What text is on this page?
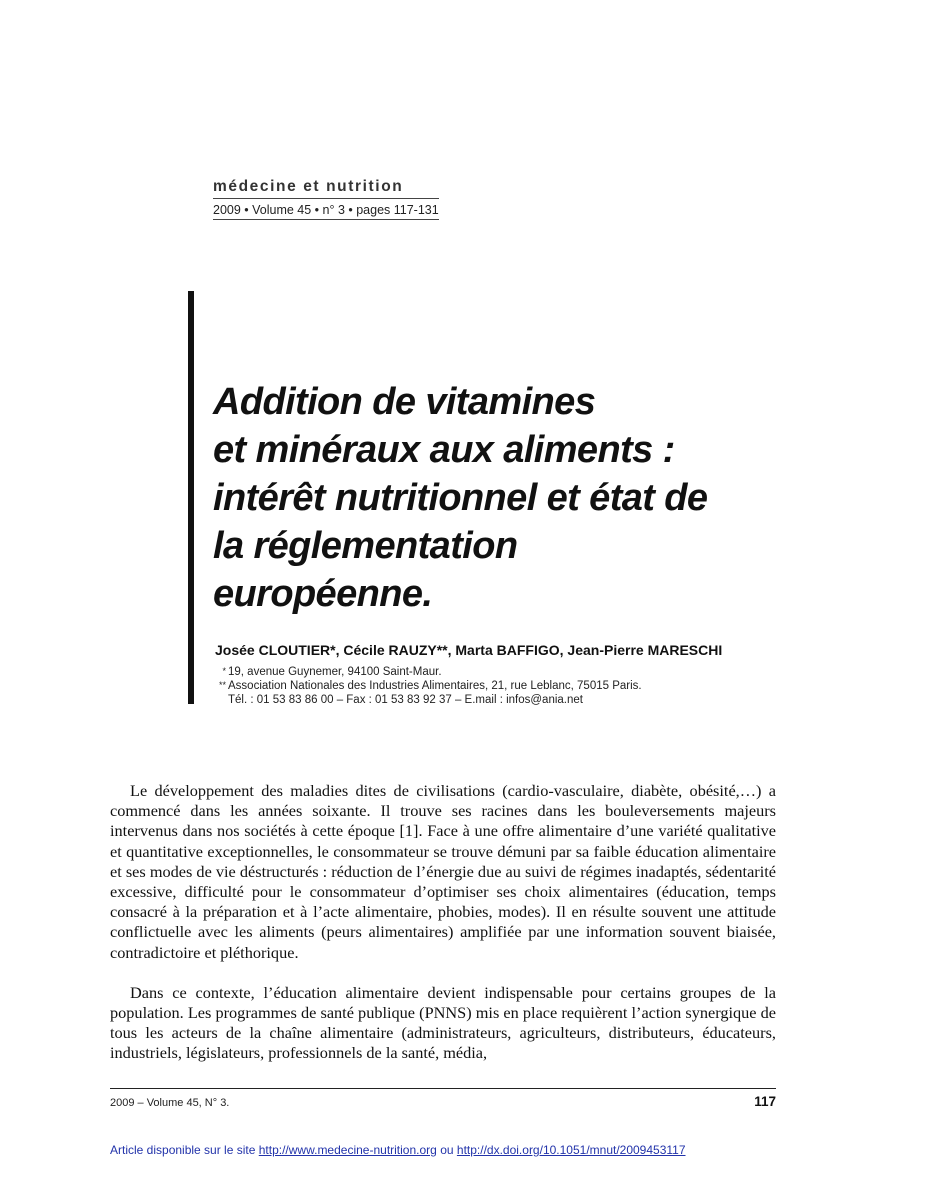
médecine et nutrition
2009 • Volume 45 • n° 3 • pages 117-131
Addition de vitamines
et minéraux aux aliments :
intérêt nutritionnel et état de
la réglementation
européenne.
Josée CLOUTIER*, Cécile RAUZY**, Marta BAFFIGO, Jean-Pierre MARESCHI
* 19, avenue Guynemer, 94100 Saint-Maur.
** Association Nationales des Industries Alimentaires, 21, rue Leblanc, 75015 Paris.
Tél. : 01 53 83 86 00 – Fax : 01 53 83 92 37 – E.mail : infos@ania.net

Le développement des maladies dites de civilisations (cardio-vasculaire, diabète, obésité,…) a commencé dans les années soixante. Il trouve ses racines dans les bouleversements majeurs intervenus dans nos sociétés à cette époque [1]. Face à une offre alimentaire d’une variété qualitative et quantitative exceptionnelles, le consommateur se trouve démuni par sa faible éducation alimentaire et ses modes de vie déstructurés : réduction de l’énergie due au suivi de régimes inadaptés, sédentarité excessive, difficulté pour le consommateur d’optimiser ses choix alimentaires (éducation, temps consacré à la préparation et à l’acte alimentaire, phobies, modes). Il en résulte souvent une attitude conflictuelle avec les aliments (peurs alimentaires) amplifiée par une information souvent biaisée, contradictoire et pléthorique.

Dans ce contexte, l’éducation alimentaire devient indispensable pour certains groupes de la population. Les programmes de santé publique (PNNS) mis en place requièrent l’action synergique de tous les acteurs de la chaîne alimentaire (administrateurs, agriculteurs, distributeurs, éducateurs, industriels, législateurs, professionnels de la santé, média,

2009 – Volume 45, N° 3.	117
Article disponible sur le site http://www.medecine-nutrition.org ou http://dx.doi.org/10.1051/mnut/2009453117
